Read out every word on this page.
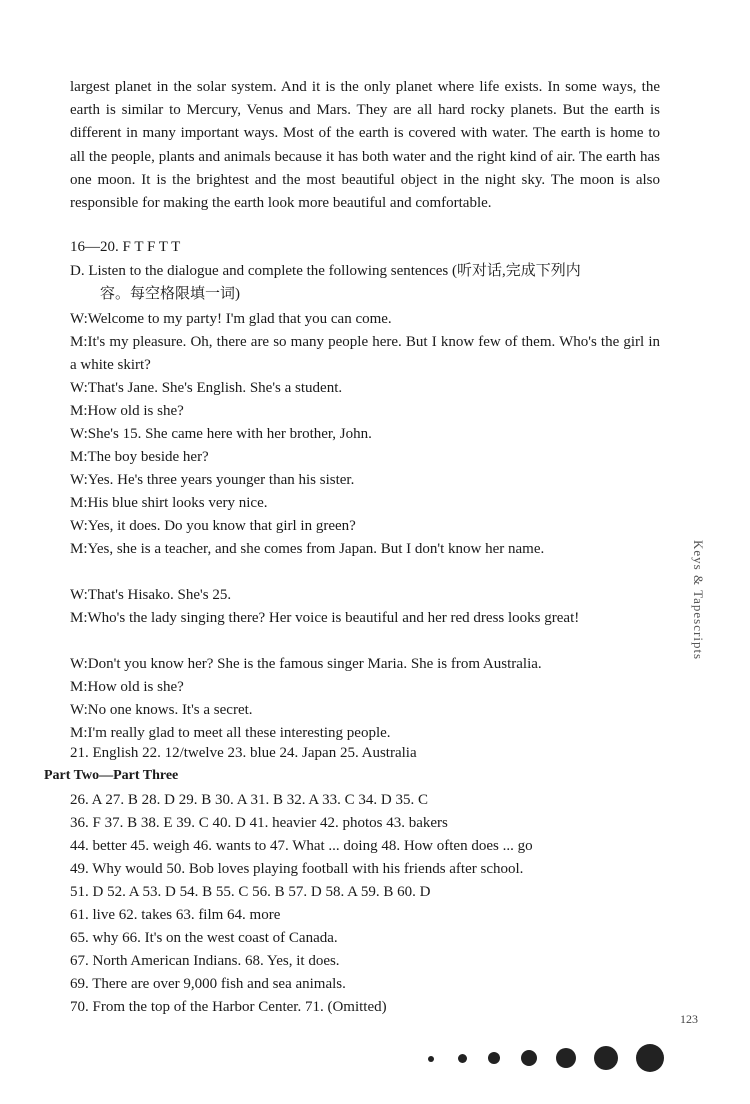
largest planet in the solar system. And it is the only planet where life exists. In some ways, the earth is similar to Mercury, Venus and Mars. They are all hard rocky planets. But the earth is different in many important ways. Most of the earth is covered with water. The earth is home to all the people, plants and animals because it has both water and the right kind of air. The earth has one moon. It is the brightest and the most beautiful object in the night sky. The moon is also responsible for making the earth look more beautiful and comfortable.

16—20. F T F T T
D. Listen to the dialogue and complete the following sentences (听对话,完成下列内
容。每空格限填一词)
W:Welcome to my party! I'm glad that you can come.
M:It's my pleasure. Oh, there are so many people here. But I know few of them. Who's the girl in a white skirt?
W:That's Jane. She's English. She's a student.
M:How old is she?
W:She's 15. She came here with her brother, John.
M:The boy beside her?
W:Yes. He's three years younger than his sister.
M:His blue shirt looks very nice.
W:Yes, it does. Do you know that girl in green?
M:Yes, she is a teacher, and she comes from Japan. But I don't know her name.
W:That's Hisako. She's 25.
M:Who's the lady singing there? Her voice is beautiful and her red dress looks great!
W:Don't you know her? She is the famous singer Maria. She is from Australia.
M:How old is she?
W:No one knows. It's a secret.
M:I'm really glad to meet all these interesting people.
21. English 22. 12/twelve 23. blue 24. Japan 25. Australia
Part Two—Part Three
26. A 27. B 28. D 29. B 30. A 31. B 32. A 33. C 34. D 35. C
36. F 37. B 38. E 39. C 40. D 41. heavier 42. photos 43. bakers
44. better 45. weigh 46. wants to 47. What ... doing 48. How often does ... go
49. Why would 50. Bob loves playing football with his friends after school.
51. D 52. A 53. D 54. B 55. C 56. B 57. D 58. A 59. B 60. D
61. live 62. takes 63. film 64. more
65. why 66. It's on the west coast of Canada.
67. North American Indians. 68. Yes, it does.
69. There are over 9,000 fish and sea animals.
70. From the top of the Harbor Center. 71. (Omitted)
Keys & Tapescripts
123
